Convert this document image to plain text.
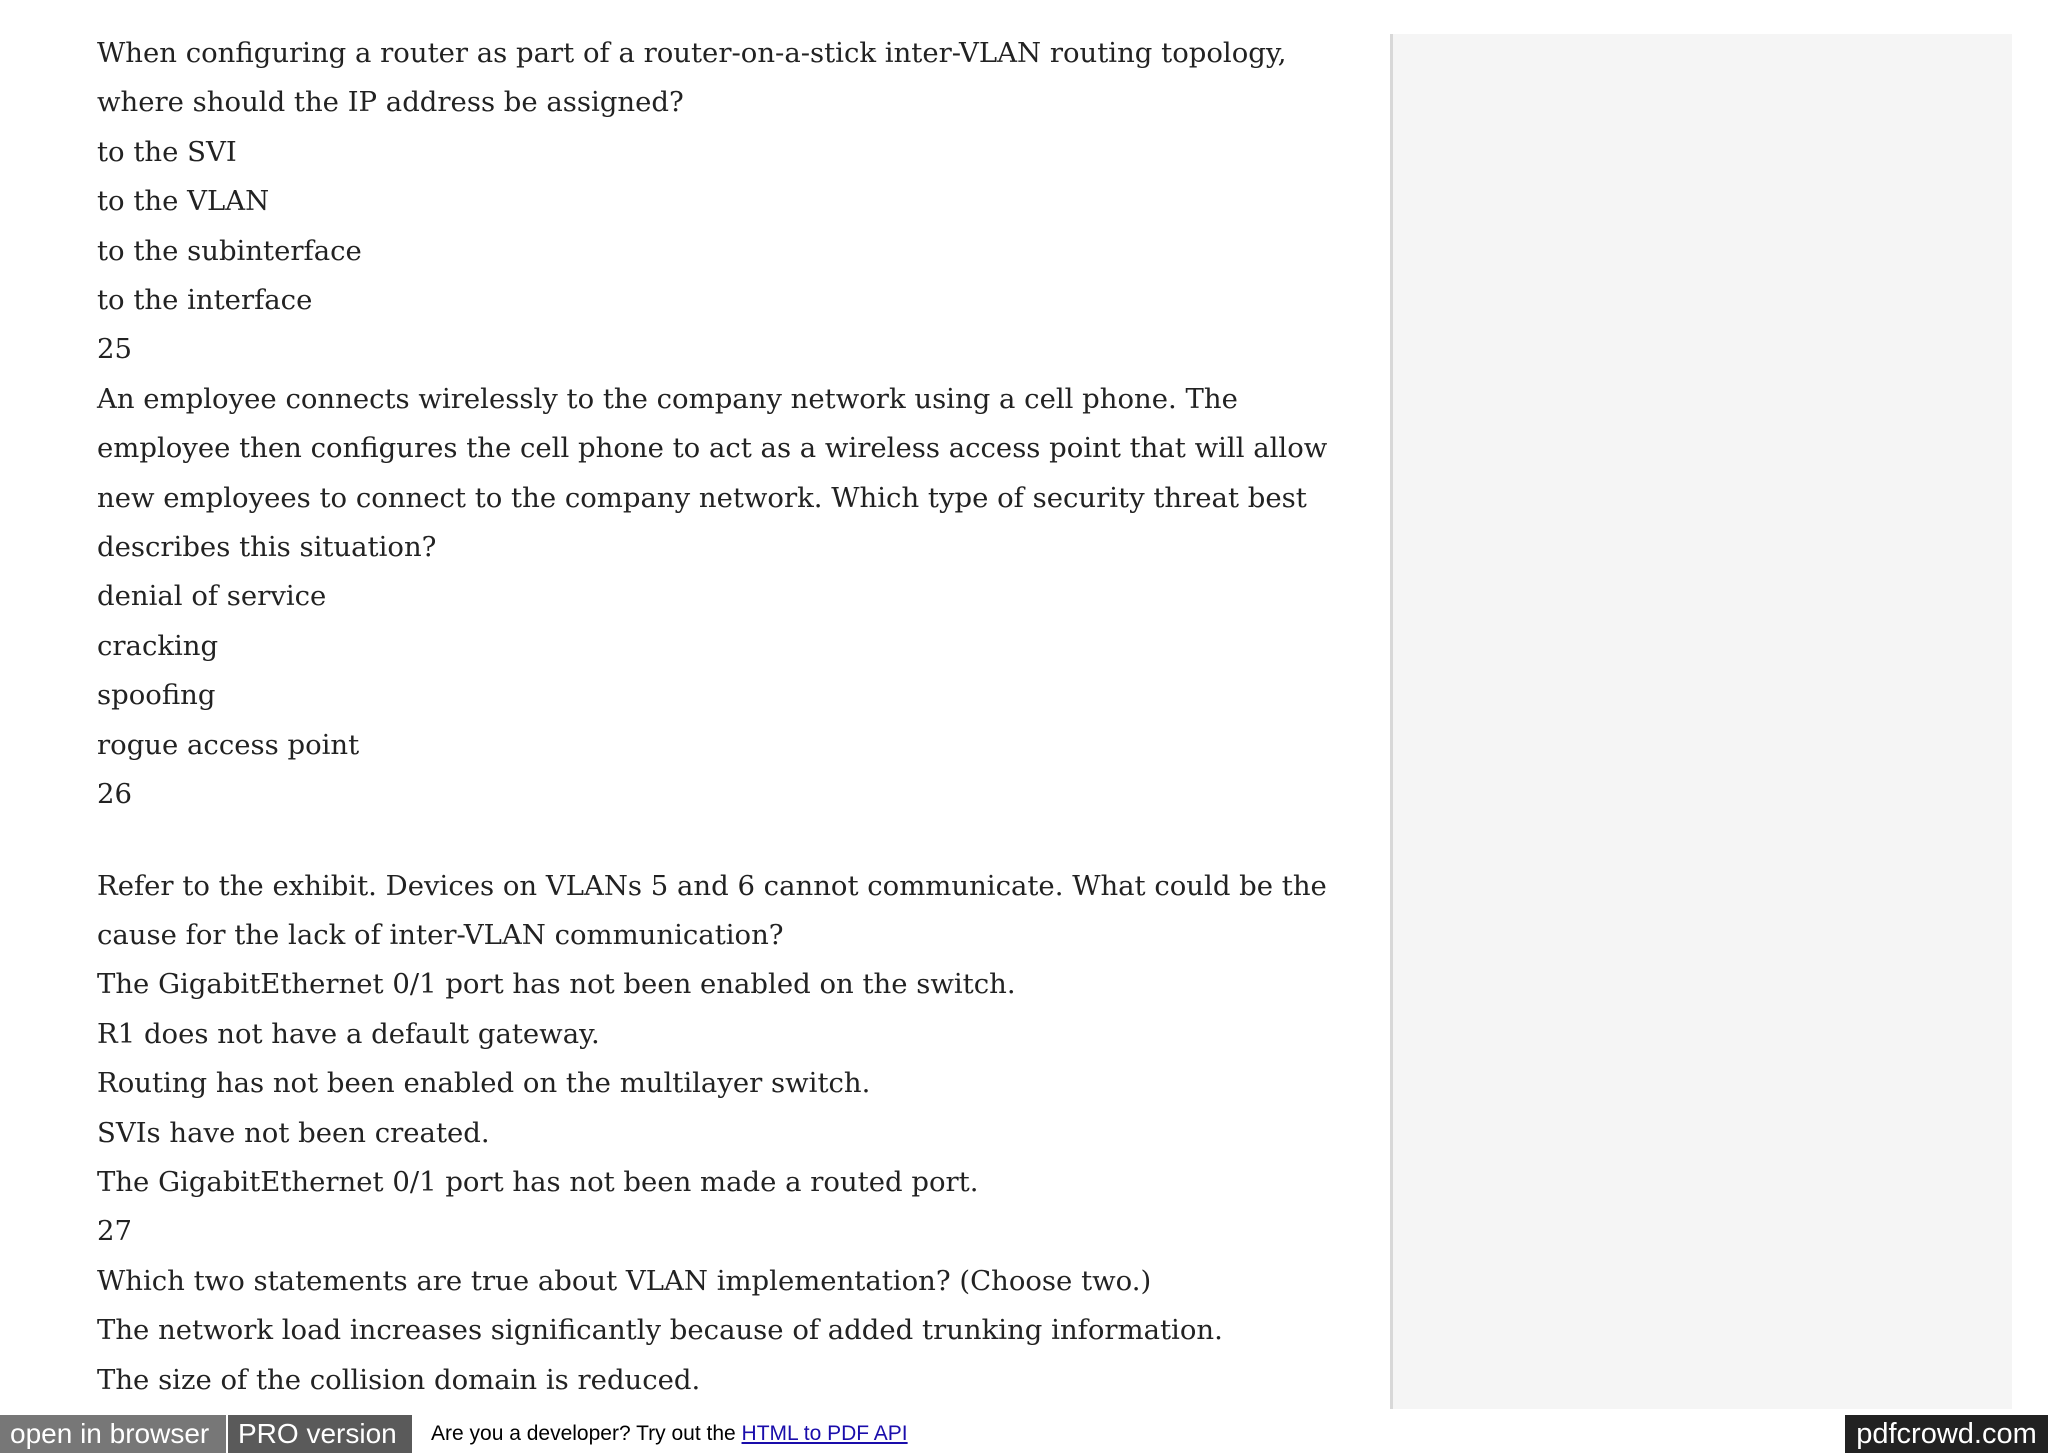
When configuring a router as part of a router-on-a-stick inter-VLAN routing topology,
where should the IP address be assigned?
to the SVI
to the VLAN
to the subinterface
to the interface
25
An employee connects wirelessly to the company network using a cell phone. The
employee then configures the cell phone to act as a wireless access point that will allow
new employees to connect to the company network. Which type of security threat best
describes this situation?
denial of service
cracking
spoofing
rogue access point
26
Refer to the exhibit. Devices on VLANs 5 and 6 cannot communicate. What could be the
cause for the lack of inter-VLAN communication?
The GigabitEthernet 0/1 port has not been enabled on the switch.
R1 does not have a default gateway.
Routing has not been enabled on the multilayer switch.
SVIs have not been created.
The GigabitEthernet 0/1 port has not been made a routed port.
27
Which two statements are true about VLAN implementation? (Choose two.)
The network load increases significantly because of added trunking information.
The size of the collision domain is reduced.
open in browser	PRO version	Are you a developer? Try out the HTML to PDF API	pdfcrowd.com
